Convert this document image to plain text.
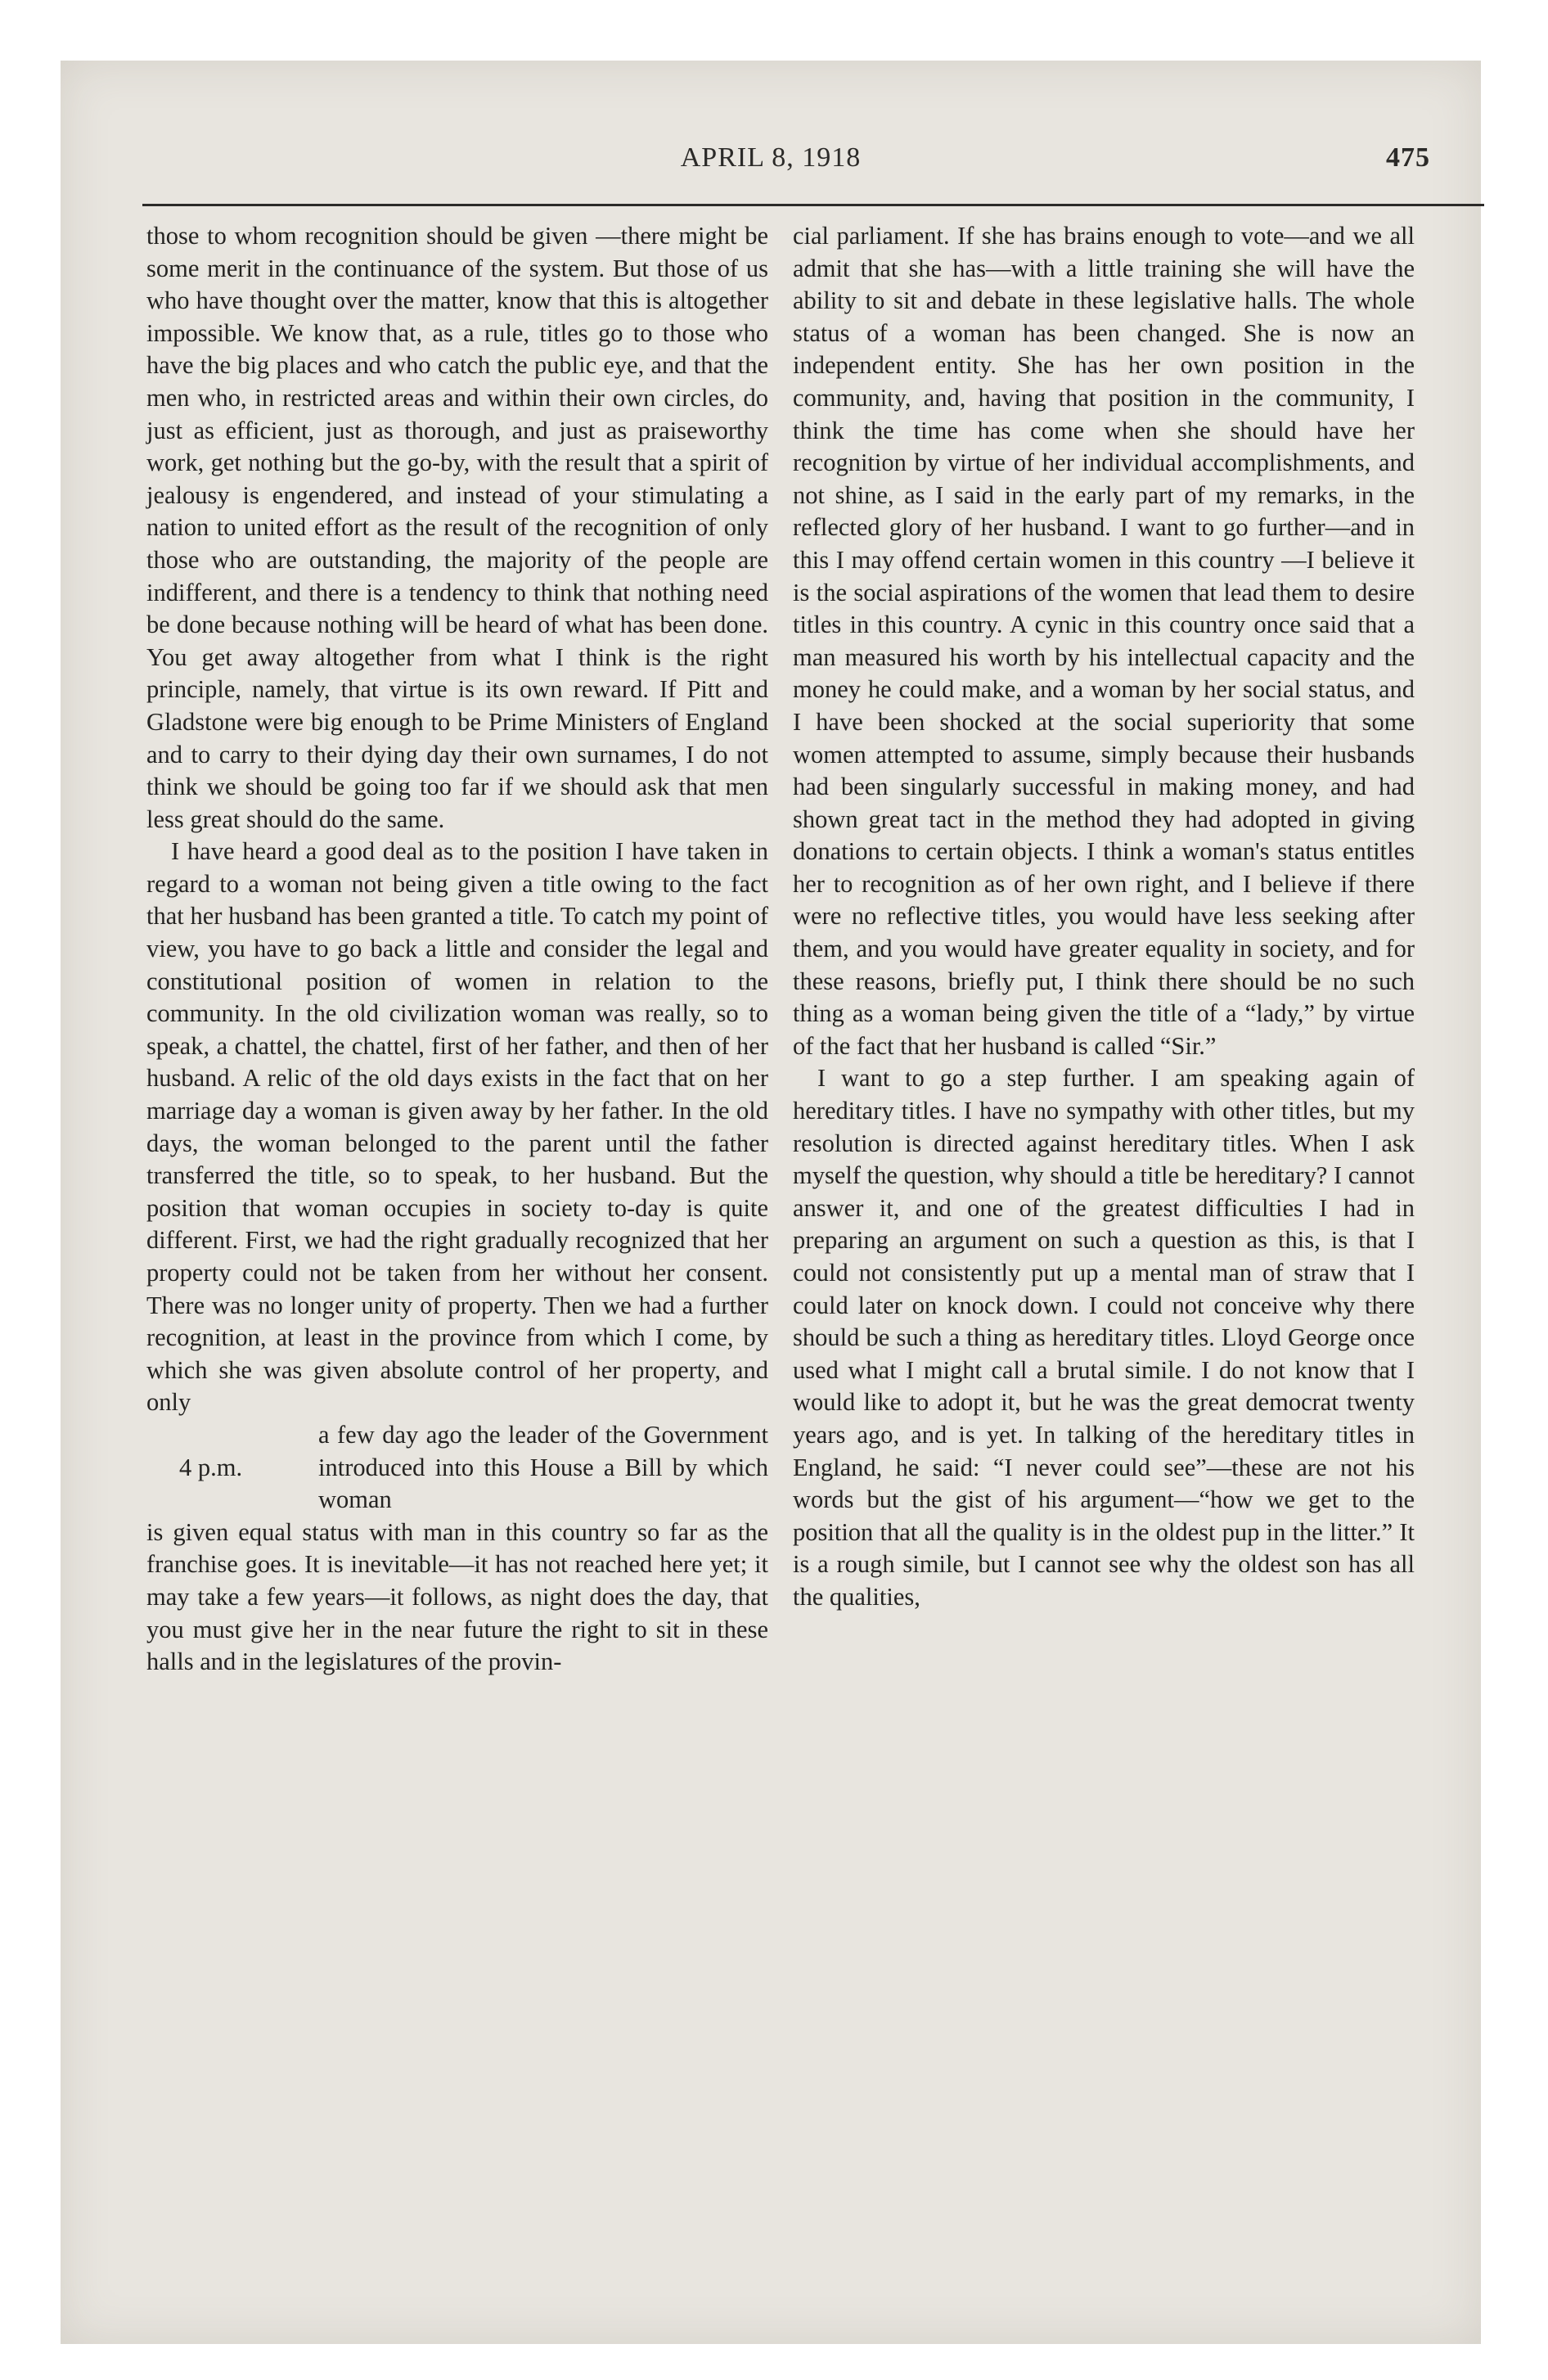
APRIL 8, 1918	475

those to whom recognition should be given —there might be some merit in the continuance of the system. But those of us who have thought over the matter, know that this is altogether impossible. We know that, as a rule, titles go to those who have the big places and who catch the public eye, and that the men who, in restricted areas and within their own circles, do just as efficient, just as thorough, and just as praiseworthy work, get nothing but the go-by, with the result that a spirit of jealousy is engendered, and instead of your stimulating a nation to united effort as the result of the recognition of only those who are outstanding, the majority of the people are indifferent, and there is a tendency to think that nothing need be done because nothing will be heard of what has been done. You get away altogether from what I think is the right principle, namely, that virtue is its own reward. If Pitt and Gladstone were big enough to be Prime Ministers of England and to carry to their dying day their own surnames, I do not think we should be going too far if we should ask that men less great should do the same.

I have heard a good deal as to the position I have taken in regard to a woman not being given a title owing to the fact that her husband has been granted a title. To catch my point of view, you have to go back a little and consider the legal and constitutional position of women in relation to the community. In the old civilization woman was really, so to speak, a chattel, the chattel, first of her father, and then of her husband. A relic of the old days exists in the fact that on her marriage day a woman is given away by her father. In the old days, the woman belonged to the parent until the father transferred the title, so to speak, to her husband. But the position that woman occupies in society to-day is quite different. First, we had the right gradually recognized that her property could not be taken from her without her consent. There was no longer unity of property. Then we had a further recognition, at least in the province from which I come, by which she was given absolute control of her property, and only

4 p.m.

a few day ago the leader of the Government introduced into this House a Bill by which woman

is given equal status with man in this country so far as the franchise goes. It is inevitable—it has not reached here yet; it may take a few years—it follows, as night does the day, that you must give her in the near future the right to sit in these halls and in the legislatures of the provin-

cial parliament. If she has brains enough to vote—and we all admit that she has—with a little training she will have the ability to sit and debate in these legislative halls. The whole status of a woman has been changed. She is now an independent entity. She has her own position in the community, and, having that position in the community, I think the time has come when she should have her recognition by virtue of her individual accomplishments, and not shine, as I said in the early part of my remarks, in the reflected glory of her husband. I want to go further—and in this I may offend certain women in this country —I believe it is the social aspirations of the women that lead them to desire titles in this country. A cynic in this country once said that a man measured his worth by his intellectual capacity and the money he could make, and a woman by her social status, and I have been shocked at the social superiority that some women attempted to assume, simply because their husbands had been singularly successful in making money, and had shown great tact in the method they had adopted in giving donations to certain objects. I think a woman's status entitles her to recognition as of her own right, and I believe if there were no reflective titles, you would have less seeking after them, and you would have greater equality in society, and for these reasons, briefly put, I think there should be no such thing as a woman being given the title of a “lady,” by virtue of the fact that her husband is called “Sir.”

I want to go a step further. I am speaking again of hereditary titles. I have no sympathy with other titles, but my resolution is directed against hereditary titles. When I ask myself the question, why should a title be hereditary? I cannot answer it, and one of the greatest difficulties I had in preparing an argument on such a question as this, is that I could not consistently put up a mental man of straw that I could later on knock down. I could not conceive why there should be such a thing as hereditary titles. Lloyd George once used what I might call a brutal simile. I do not know that I would like to adopt it, but he was the great democrat twenty years ago, and is yet. In talking of the hereditary titles in England, he said: “I never could see”—these are not his words but the gist of his argument—“how we get to the position that all the quality is in the oldest pup in the litter.” It is a rough simile, but I cannot see why the oldest son has all the qualities,
